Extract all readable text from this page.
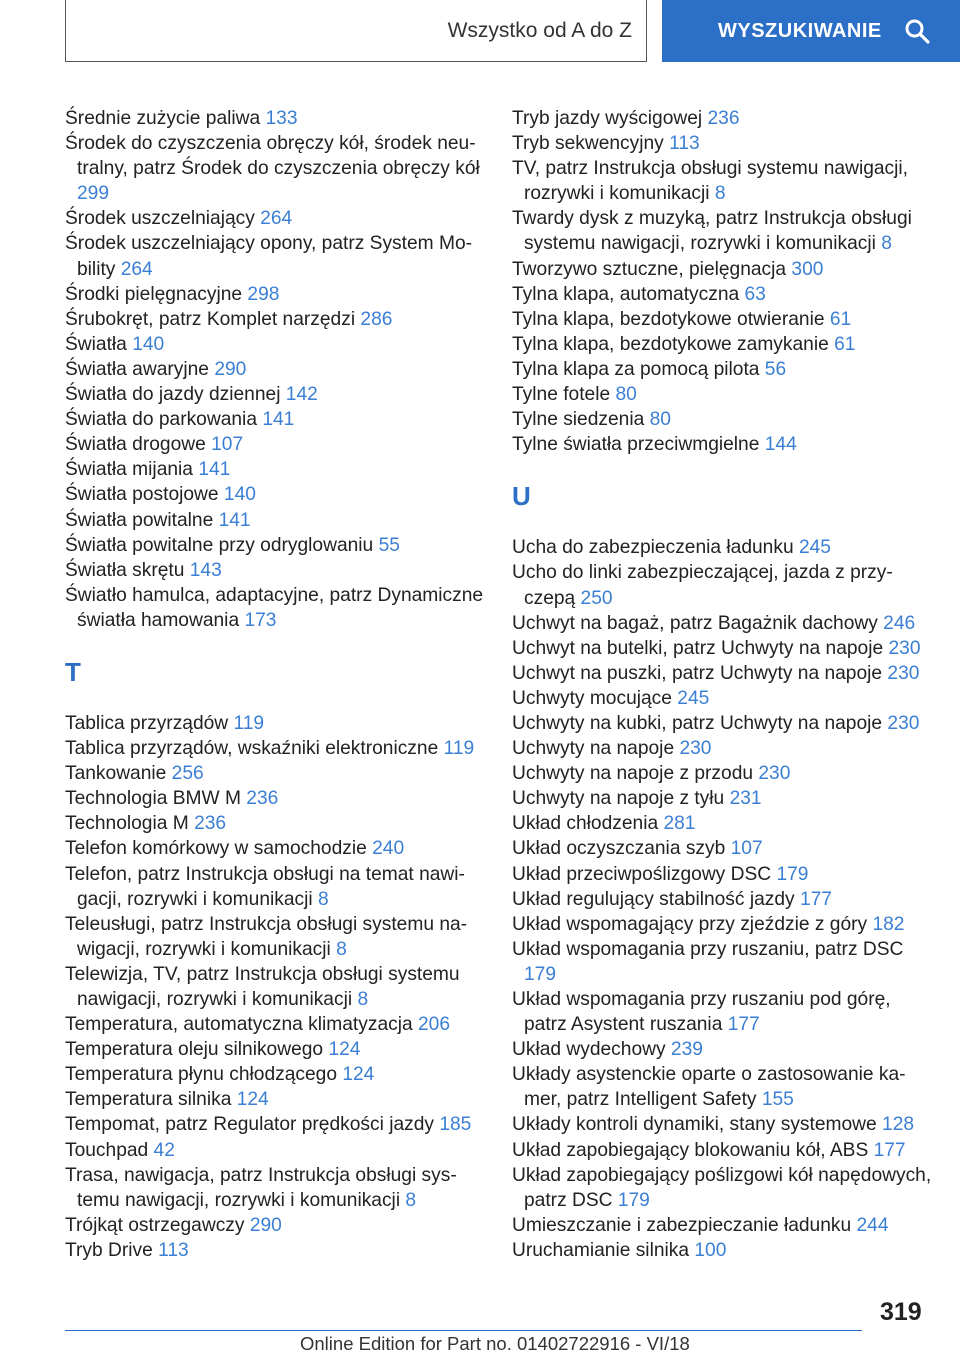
Wszystko od A do Z	WYSZUKIWANIE
Średnie zużycie paliwa 133
Środek do czyszczenia obręczy kół, środek neu-tralny, patrz Środek do czyszczenia obręczy kół 299
Środek uszczelniający 264
Środek uszczelniający opony, patrz System Mo-bility 264
Środki pielęgnacyjne 298
Śrubokręt, patrz Komplet narzędzi 286
Światła 140
Światła awaryjne 290
Światła do jazdy dziennej 142
Światła do parkowania 141
Światła drogowe 107
Światła mijania 141
Światła postojowe 140
Światła powitalne 141
Światła powitalne przy odryglowaniu 55
Światła skrętu 143
Światło hamulca, adaptacyjne, patrz Dynamiczne światła hamowania 173
T
Tablica przyrządów 119
Tablica przyrządów, wskaźniki elektroniczne 119
Tankowanie 256
Technologia BMW M 236
Technologia M 236
Telefon komórkowy w samochodzie 240
Telefon, patrz Instrukcja obsługi na temat nawi-gacji, rozrywki i komunikacji 8
Teleusługi, patrz Instrukcja obsługi systemu na-wigacji, rozrywki i komunikacji 8
Telewizja, TV, patrz Instrukcja obsługi systemu nawigacji, rozrywki i komunikacji 8
Temperatura, automatyczna klimatyzacja 206
Temperatura oleju silnikowego 124
Temperatura płynu chłodzącego 124
Temperatura silnika 124
Tempomat, patrz Regulator prędkości jazdy 185
Touchpad 42
Trasa, nawigacja, patrz Instrukcja obsługi sys-temu nawigacji, rozrywki i komunikacji 8
Trójkąt ostrzegawczy 290
Tryb Drive 113
Tryb jazdy wyścigowej 236
Tryb sekwencyjny 113
TV, patrz Instrukcja obsługi systemu nawigacji, rozrywki i komunikacji 8
Twardy dysk z muzyką, patrz Instrukcja obsługi systemu nawigacji, rozrywki i komunikacji 8
Tworzywo sztuczne, pielęgnacja 300
Tylna klapa, automatyczna 63
Tylna klapa, bezdotykowe otwieranie 61
Tylna klapa, bezdotykowe zamykanie 61
Tylna klapa za pomocą pilota 56
Tylne fotele 80
Tylne siedzenia 80
Tylne światła przeciwmgielne 144
U
Ucha do zabezpieczenia ładunku 245
Ucho do linki zabezpieczającej, jazda z przy-czepą 250
Uchwyt na bagaż, patrz Bagażnik dachowy 246
Uchwyt na butelki, patrz Uchwyty na napoje 230
Uchwyt na puszki, patrz Uchwyty na napoje 230
Uchwyty mocujące 245
Uchwyty na kubki, patrz Uchwyty na napoje 230
Uchwyty na napoje 230
Uchwyty na napoje z przodu 230
Uchwyty na napoje z tyłu 231
Układ chłodzenia 281
Układ oczyszczania szyb 107
Układ przeciwpoślizgowy DSC 179
Układ regulujący stabilność jazdy 177
Układ wspomagający przy zjeździe z góry 182
Układ wspomagania przy ruszaniu, patrz DSC 179
Układ wspomagania przy ruszaniu pod górę, patrz Asystent ruszania 177
Układ wydechowy 239
Układy asystenckie oparte o zastosowanie ka-mer, patrz Intelligent Safety 155
Układy kontroli dynamiki, stany systemowe 128
Układ zapobiegający blokowaniu kół, ABS 177
Układ zapobiegający poślizgowi kół napędowych, patrz DSC 179
Umieszczanie i zabezpieczanie ładunku 244
Uruchamianie silnika 100
319
Online Edition for Part no. 01402722916 - VI/18
